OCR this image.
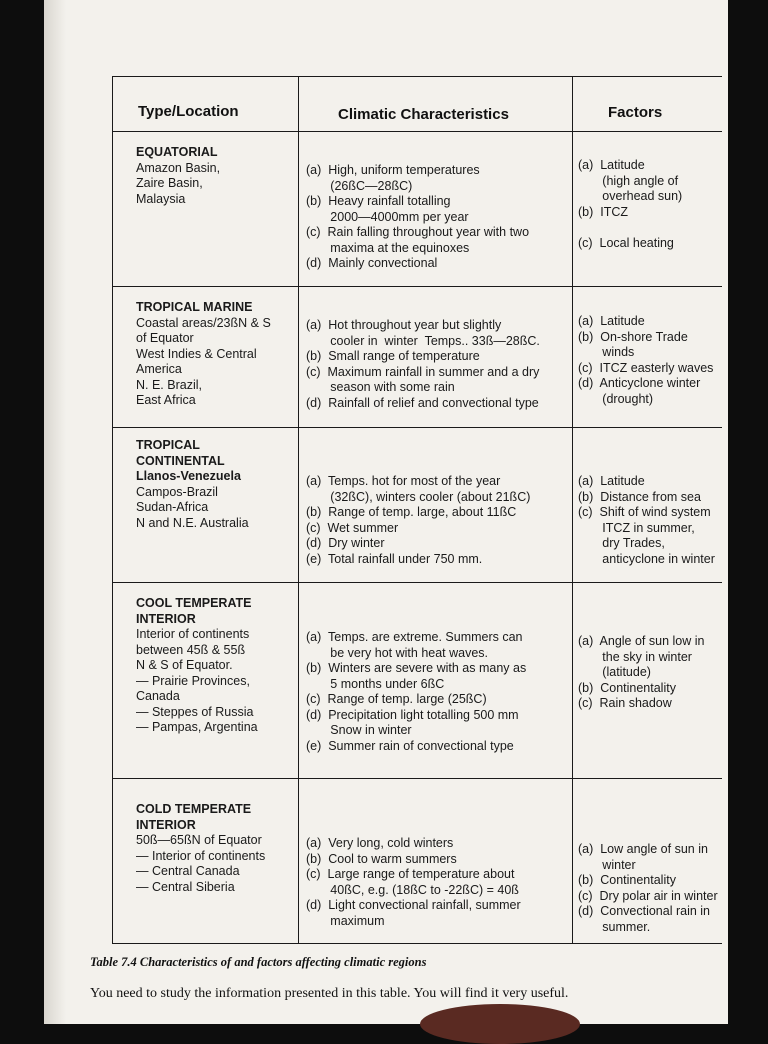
Type/Location	Climatic Characteristics	Factors
EQUATORIAL
Amazon Basin,
Zaire Basin,
Malaysia
(a)  High, uniform temperatures
(26ßC—28ßC)
(b)  Heavy rainfall totalling
2000—4000mm per year
(c)  Rain falling throughout year with two
maxima at the equinoxes
(d)  Mainly convectional
(a)  Latitude
(high angle of
overhead sun)
(b)  ITCZ

(c)  Local heating
TROPICAL MARINE
Coastal areas/23ßN & S
of Equator
West Indies & Central
America
N. E. Brazil,
East Africa
(a)  Hot throughout year but slightly
cooler in  winter  Temps.. 33ß—28ßC.
(b)  Small range of temperature
(c)  Maximum rainfall in summer and a dry
season with some rain
(d)  Rainfall of relief and convectional type
(a)  Latitude
(b)  On-shore Trade
winds
(c)  ITCZ easterly waves
(d)  Anticyclone winter
(drought)
TROPICAL
CONTINENTAL
Llanos-Venezuela
Campos-Brazil
Sudan-Africa
N and N.E. Australia
(a)  Temps. hot for most of the year
(32ßC), winters cooler (about 21ßC)
(b)  Range of temp. large, about 11ßC
(c)  Wet summer
(d)  Dry winter
(e)  Total rainfall under 750 mm.
(a)  Latitude
(b)  Distance from sea
(c)  Shift of wind system
ITCZ in summer,
dry Trades,
anticyclone in winter
COOL TEMPERATE
INTERIOR
Interior of continents
between 45ß & 55ß
N & S of Equator.
— Prairie Provinces,
Canada
— Steppes of Russia
— Pampas, Argentina
(a)  Temps. are extreme. Summers can
be very hot with heat waves.
(b)  Winters are severe with as many as
5 months under 6ßC
(c)  Range of temp. large (25ßC)
(d)  Precipitation light totalling 500 mm
Snow in winter
(e)  Summer rain of convectional type
(a)  Angle of sun low in
the sky in winter
(latitude)
(b)  Continentality
(c)  Rain shadow
COLD TEMPERATE
INTERIOR
50ß—65ßN of Equator
— Interior of continents
— Central Canada
— Central Siberia
(a)  Very long, cold winters
(b)  Cool to warm summers
(c)  Large range of temperature about
40ßC, e.g. (18ßC to -22ßC) = 40ß
(d)  Light convectional rainfall, summer
maximum
(a)  Low angle of sun in
winter
(b)  Continentality
(c)  Dry polar air in winter
(d)  Convectional rain in
summer.
Table 7.4 Characteristics of and factors affecting climatic regions
You need to study the information presented in this table. You will find it very useful.
